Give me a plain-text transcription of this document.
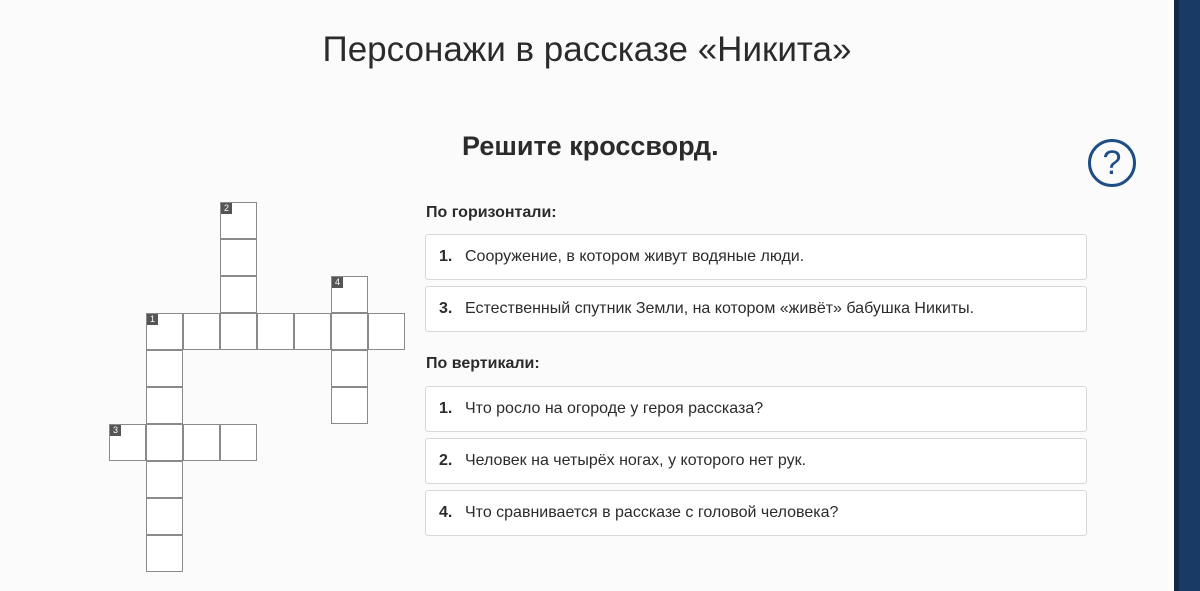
Персонажи в рассказе «Никита»
Решите кроссворд.	?
2
4
1
3
По горизонтали:
1. Сооружение, в котором живут водяные люди.
3. Естественный спутник Земли, на котором «живёт» бабушка Никиты.
По вертикали:
1. Что росло на огороде у героя рассказа?
2. Человек на четырёх ногах, у которого нет рук.
4. Что сравнивается в рассказе с головой человека?
